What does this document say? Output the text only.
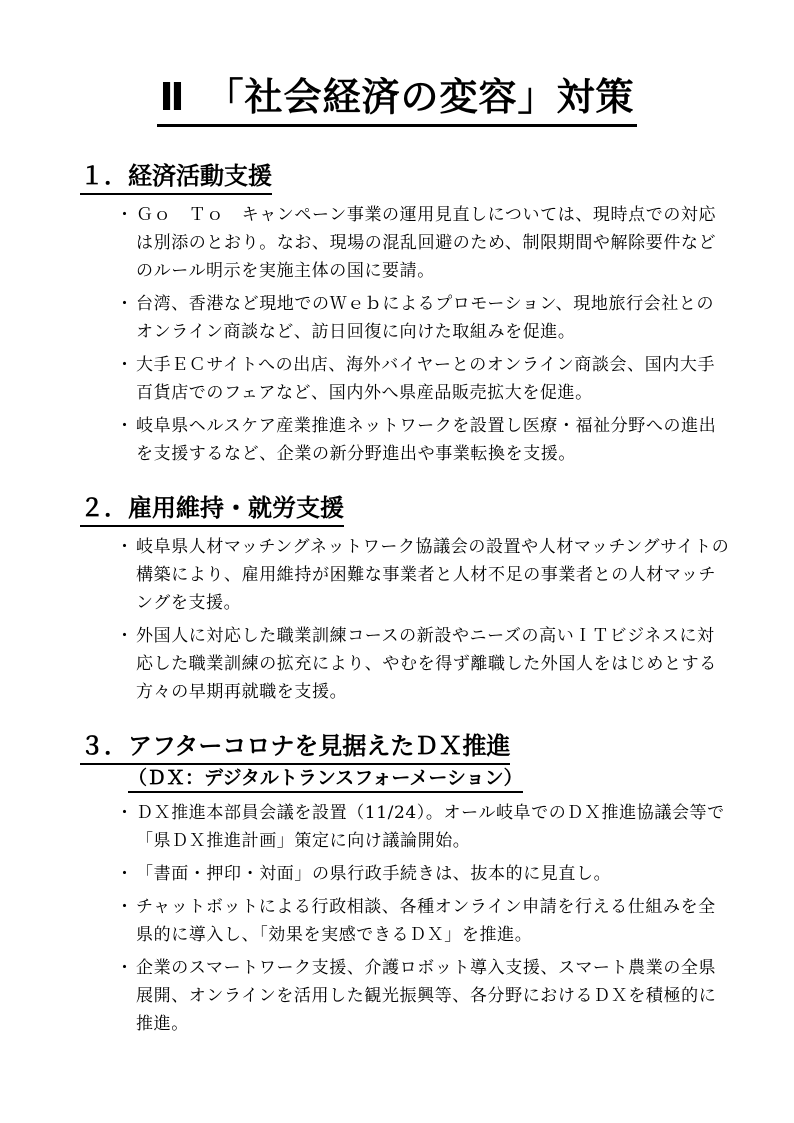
Ⅱ　「社会経済の変容」対策
１．経済活動支援
・ Ｇｏ　Ｔｏ　キャンペーン事業の運用見直しについては、現時点での対応は別添のとおり。なお、現場の混乱回避のため、制限期間や解除要件などのルール明示を実施主体の国に要請。
・ 台湾、香港など現地でのＷｅｂによるプロモーション、現地旅行会社とのオンライン商談など、訪日回復に向けた取組みを促進。
・ 大手ＥＣサイトへの出店、海外バイヤーとのオンライン商談会、国内大手百貨店でのフェアなど、国内外へ県産品販売拡大を促進。
・ 岐阜県ヘルスケア産業推進ネットワークを設置し医療・福祉分野への進出を支援するなど、企業の新分野進出や事業転換を支援。
２．雇用維持・就労支援
・ 岐阜県人材マッチングネットワーク協議会の設置や人材マッチングサイトの構築により、雇用維持が困難な事業者と人材不足の事業者との人材マッチングを支援。
・ 外国人に対応した職業訓練コースの新設やニーズの高いＩＴビジネスに対応した職業訓練の拡充により、やむを得ず離職した外国人をはじめとする方々の早期再就職を支援。
３．アフターコロナを見据えたＤＸ推進

（ＤＸ：デジタルトランスフォーメーション）

・ ＤＸ推進本部員会議を設置（11/24）。オール岐阜でのＤＸ推進協議会等で「県ＤＸ推進計画」策定に向け議論開始。
・ 「書面・押印・対面」の県行政手続きは、抜本的に見直し。
・ チャットボットによる行政相談、各種オンライン申請を行える仕組みを全県的に導入し、「効果を実感できるＤＸ」を推進。
・ 企業のスマートワーク支援、介護ロボット導入支援、スマート農業の全県展開、オンラインを活用した観光振興等、各分野におけるＤＸを積極的に推進。
